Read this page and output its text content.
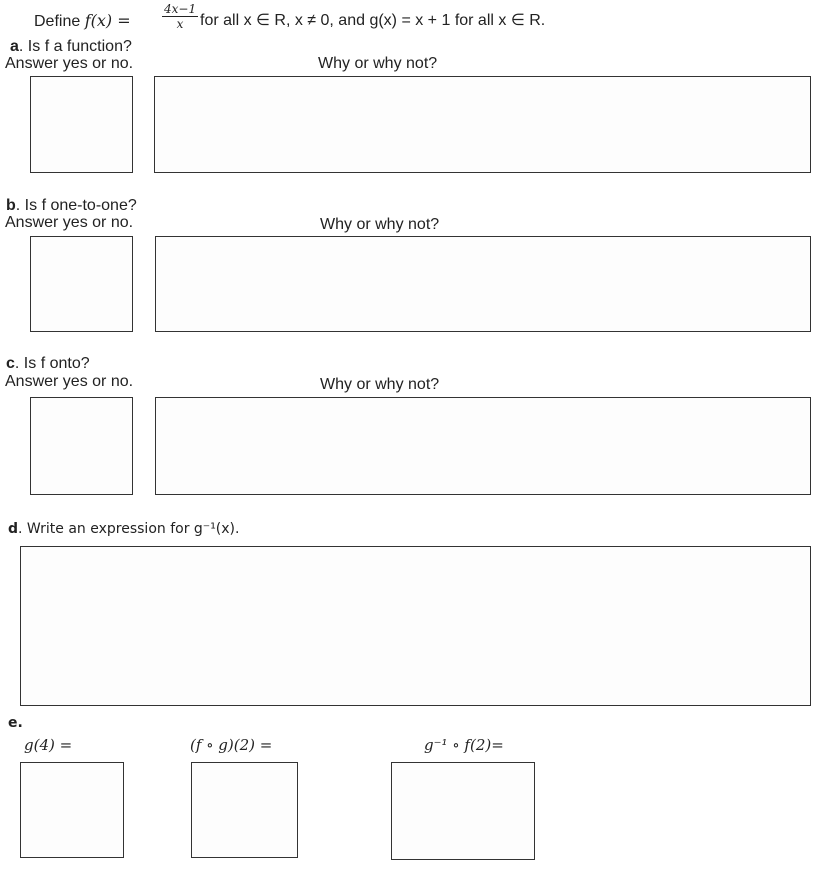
Define f(x) =	$\frac{4x-1}{x}$ for all x ∈ R, x ≠ 0, and g(x) = x + 1 for all x ∈ R.
a. Is f a function?
Answer yes or no.	Why or why not?
b. Is f one-to-one?
Answer yes or no.	Why or why not?
c. Is f onto?
Answer yes or no.	Why or why not?
d. Write an expression for g⁻¹(x).
e.
g(4) =	(f ∘ g)(2) =	g⁻¹ ∘ f(2)=
